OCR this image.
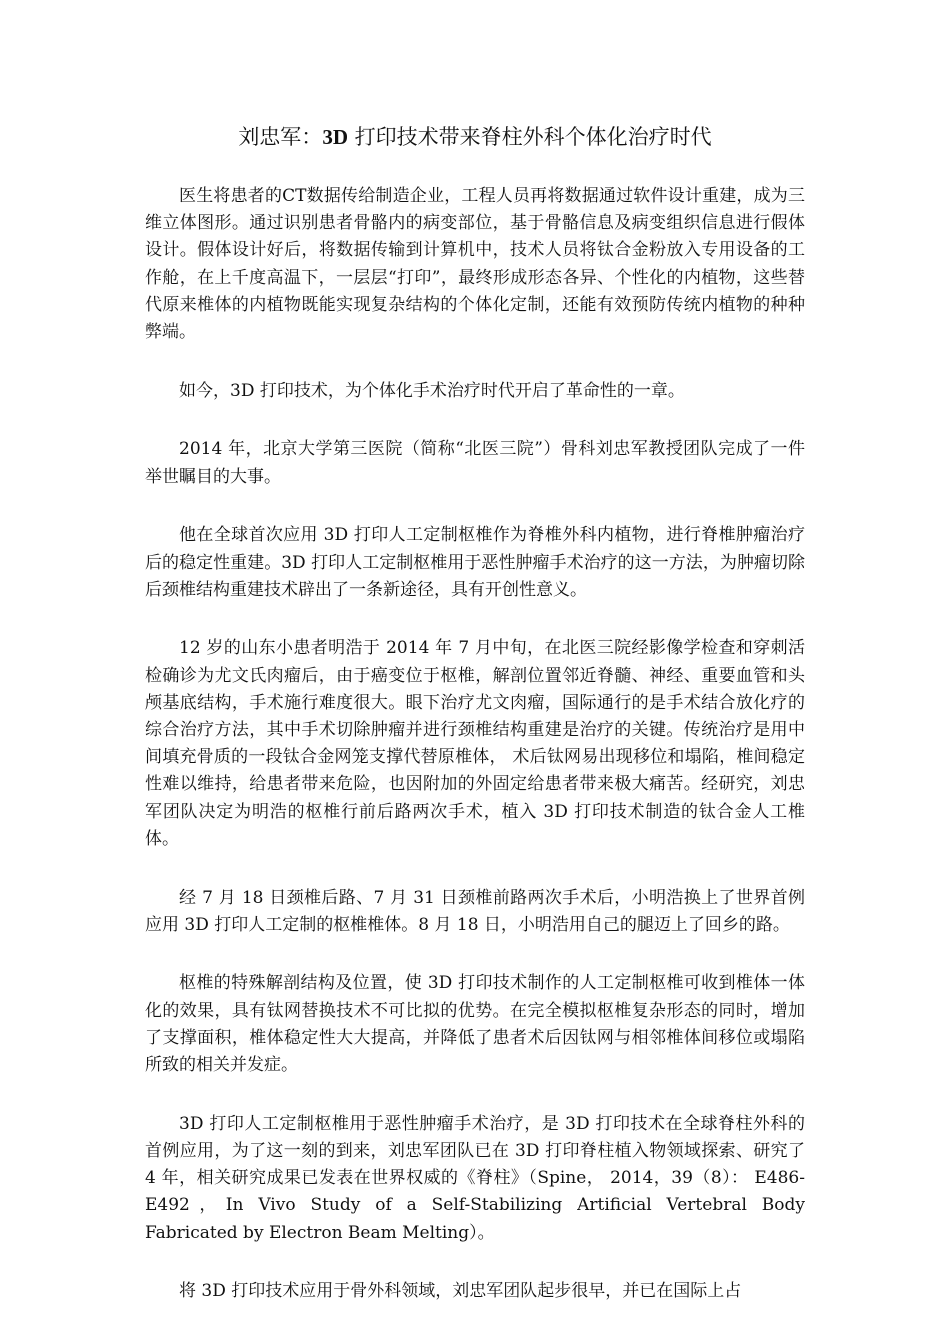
刘忠军：3D 打印技术带来脊柱外科个体化治疗时代

医生将患者的CT数据传给制造企业，工程人员再将数据通过软件设计重建，成为三维立体图形。通过识别患者骨骼内的病变部位，基于骨骼信息及病变组织信息进行假体设计。假体设计好后，将数据传输到计算机中，技术人员将钛合金粉放入专用设备的工作舱，在上千度高温下，一层层“打印”，最终形成形态各异、个性化的内植物，这些替代原来椎体的内植物既能实现复杂结构的个体化定制，还能有效预防传统内植物的种种弊端。

如今，3D 打印技术，为个体化手术治疗时代开启了革命性的一章。

2014 年，北京大学第三医院（简称“北医三院”）骨科刘忠军教授团队完成了一件举世瞩目的大事。

他在全球首次应用 3D 打印人工定制枢椎作为脊椎外科内植物，进行脊椎肿瘤治疗后的稳定性重建。3D 打印人工定制枢椎用于恶性肿瘤手术治疗的这一方法，为肿瘤切除后颈椎结构重建技术辟出了一条新途径，具有开创性意义。

12 岁的山东小患者明浩于 2014 年 7 月中旬，在北医三院经影像学检查和穿刺活检确诊为尤文氏肉瘤后，由于癌变位于枢椎，解剖位置邻近脊髓、神经、重要血管和头颅基底结构，手术施行难度很大。眼下治疗尤文肉瘤，国际通行的是手术结合放化疗的综合治疗方法，其中手术切除肿瘤并进行颈椎结构重建是治疗的关键。传统治疗是用中间填充骨质的一段钛合金网笼支撑代替原椎体， 术后钛网易出现移位和塌陷，椎间稳定性难以维持，给患者带来危险，也因附加的外固定给患者带来极大痛苦。经研究，刘忠军团队决定为明浩的枢椎行前后路两次手术，植入 3D 打印技术制造的钛合金人工椎体。

经 7 月 18 日颈椎后路、7 月 31 日颈椎前路两次手术后，小明浩换上了世界首例应用 3D 打印人工定制的枢椎椎体。8 月 18 日，小明浩用自己的腿迈上了回乡的路。

枢椎的特殊解剖结构及位置，使 3D 打印技术制作的人工定制枢椎可收到椎体一体化的效果，具有钛网替换技术不可比拟的优势。在完全模拟枢椎复杂形态的同时，增加了支撑面积，椎体稳定性大大提高，并降低了患者术后因钛网与相邻椎体间移位或塌陷所致的相关并发症。

3D 打印人工定制枢椎用于恶性肿瘤手术治疗，是 3D 打印技术在全球脊柱外科的首例应用，为了这一刻的到来，刘忠军团队已在 3D 打印脊柱植入物领域探索、研究了 4 年，相关研究成果已发表在世界权威的《脊柱》（Spine， 2014，39（8）： E486-E492，In Vivo Study of a Self-Stabilizing Artificial Vertebral Body Fabricated by Electron Beam Melting）。

将 3D 打印技术应用于骨外科领域，刘忠军团队起步很早，并已在国际上占
